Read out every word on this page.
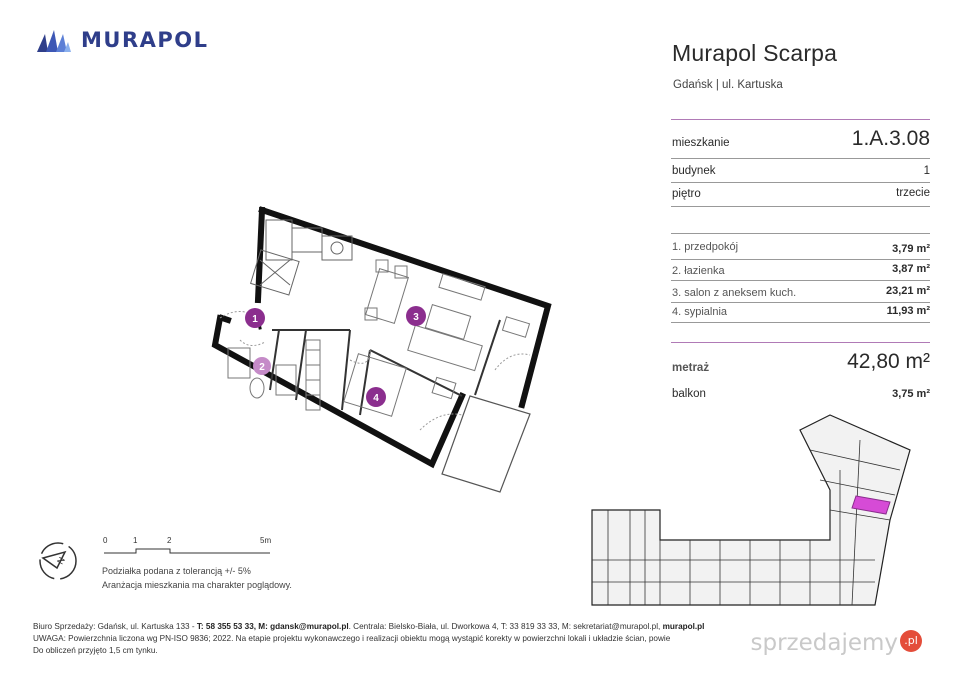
MURAPOL	Murapol Scarpa
Gdańsk | ul. Kartuska
mieszkanie	1.A.3.08
budynek	1
piętro	trzecie
1. przedpokój	3,79 m²
2. łazienka	3,87 m²
3. salon z aneksem kuch.	23,21 m²
4. sypialnia	11,93 m²
metraż	42,80 m²
balkon	3,75 m²
1
2
3
4
N
0	1	2	5m
Podziałka podana z tolerancją +/- 5%
Aranżacja mieszkania ma charakter poglądowy.
Biuro Sprzedaży: Gdańsk, ul. Kartuska 133 - T: 58 355 53 33, M: gdansk@murapol.pl. Centrala: Bielsko-Biała, ul. Dworkowa 4, T: 33 819 33 33, M: sekretariat@murapol.pl, murapol.pl
UWAGA: Powierzchnia liczona wg PN-ISO 9836; 2022. Na etapie projektu wykonawczego i realizacji obiektu mogą wystąpić korekty w powierzchni lokali i układzie ścian, powie
Do obliczeń przyjęto 1,5 cm tynku.	sprzedajemy .pl
